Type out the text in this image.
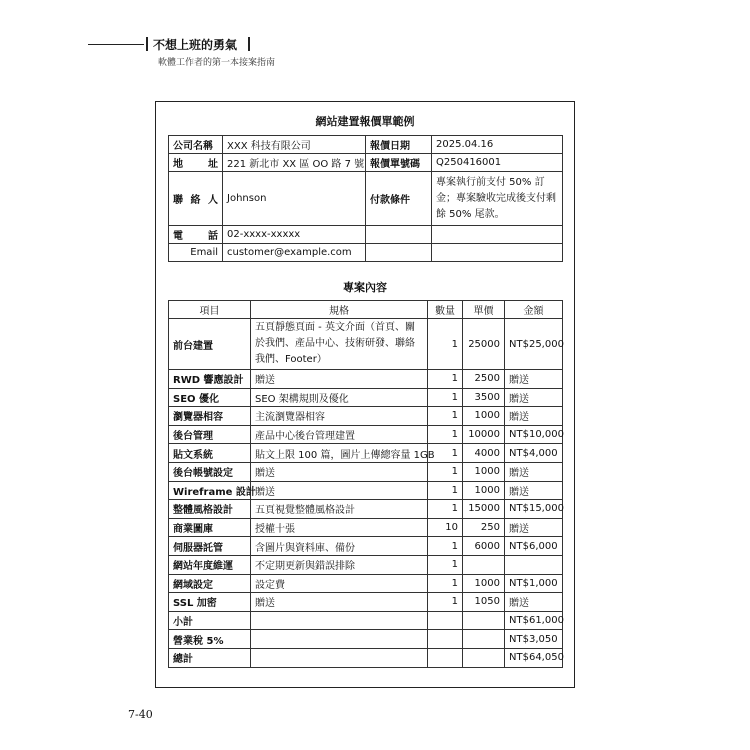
不想上班的勇氣
軟體工作者的第一本接案指南
網站建置報價單範例
公司名稱	XXX 科技有限公司	報價日期	2025.04.16
地址	221 新北市 XX 區 OO 路 7 號	報價單號碼	Q250416001
聯絡人	Johnson	付款條件	專案執行前支付 50% 訂金；專案驗收完成後支付剩餘 50% 尾款。
電話	02-xxxx-xxxxx		
Email	customer@example.com		
專案內容
項目	規格	數量	單價	金額
前台建置	五頁靜態頁面 - 英文介面（首頁、關於我們、產品中心、技術研發、聯絡我們、Footer）	1	25000	NT$25,000
RWD 響應設計	贈送	1	2500	贈送
SEO 優化	SEO 架構規則及優化	1	3500	贈送
瀏覽器相容	主流瀏覽器相容	1	1000	贈送
後台管理	產品中心後台管理建置	1	10000	NT$10,000
貼文系統	貼文上限 100 篇，圖片上傳總容量 1GB	1	4000	NT$4,000
後台帳號設定	贈送	1	1000	贈送
Wireframe 設計	贈送	1	1000	贈送
整體風格設計	五頁視覺整體風格設計	1	15000	NT$15,000
商業圖庫	授權十張	10	250	贈送
伺服器託管	含圖片與資料庫、備份	1	6000	NT$6,000
網站年度維運	不定期更新與錯誤排除	1		
網域設定	設定費	1	1000	NT$1,000
SSL 加密	贈送	1	1050	贈送
小計				NT$61,000
營業稅 5%				NT$3,050
總計				NT$64,050
7-40
